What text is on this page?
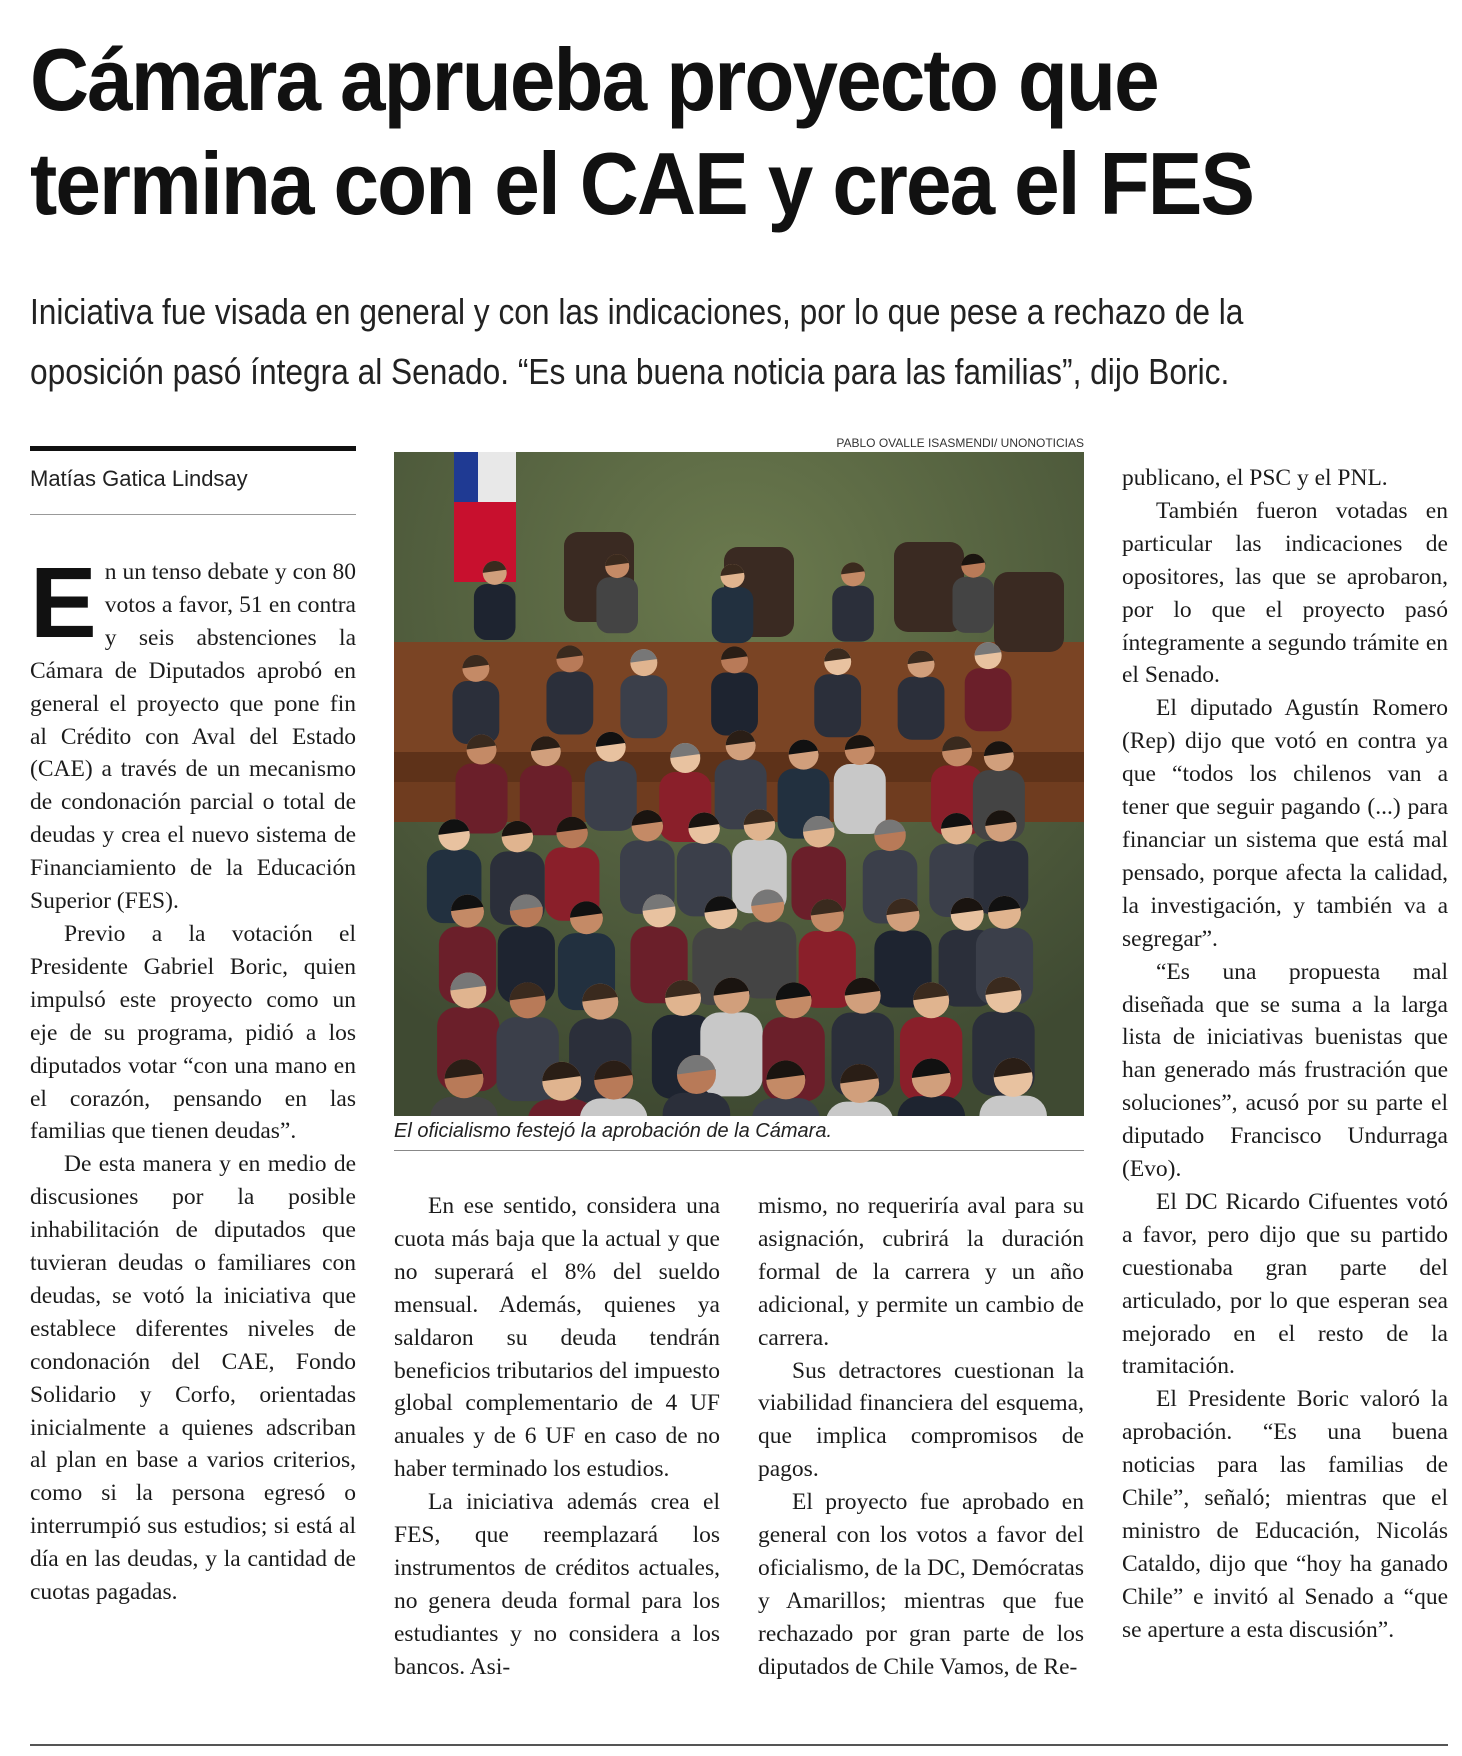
Cámara aprueba proyecto que
termina con el CAE y crea el FES

Iniciativa fue visada en general y con las indicaciones, por lo que pese a rechazo de la
oposición pasó íntegra al Senado. “Es una buena noticia para las familias”, dijo Boric.

Matías Gatica Lindsay

En un tenso debate y con 80 votos a favor, 51 en contra y seis abstenciones la Cámara de Diputados aprobó en general el proyecto que pone fin al Crédito con Aval del Estado (CAE) a través de un mecanismo de condonación parcial o total de deudas y crea el nuevo sistema de Financiamiento de la Educación Superior (FES).

Previo a la votación el Presidente Gabriel Boric, quien impulsó este proyecto como un eje de su programa, pidió a los diputados votar “con una mano en el corazón, pensando en las familias que tienen deudas”.

De esta manera y en medio de discusiones por la posible inhabilitación de diputados que tuvieran deudas o familiares con deudas, se votó la iniciativa que establece diferentes niveles de condonación del CAE, Fondo Solidario y Corfo, orientadas inicialmente a quienes adscriban al plan en base a varios criterios, como si la persona egresó o interrumpió sus estudios; si está al día en las deudas, y la cantidad de cuotas pagadas.

PABLO OVALLE ISASMENDI/ UNONOTICIAS
El oficialismo festejó la aprobación de la Cámara.

En ese sentido, considera una cuota más baja que la actual y que no superará el 8% del sueldo mensual. Además, quienes ya saldaron su deuda tendrán beneficios tributarios del impuesto global complementario de 4 UF anuales y de 6 UF en caso de no haber terminado los estudios.

La iniciativa además crea el FES, que reemplazará los instrumentos de créditos actuales, no genera deuda formal para los estudiantes y no considera a los bancos. Asi-

mismo, no requeriría aval para su asignación, cubrirá la duración formal de la carrera y un año adicional, y permite un cambio de carrera.

Sus detractores cuestionan la viabilidad financiera del esquema, que implica compromisos de pagos.

El proyecto fue aprobado en general con los votos a favor del oficialismo, de la DC, Demócratas y Amarillos; mientras que fue rechazado por gran parte de los diputados de Chile Vamos, de Re-

publicano, el PSC y el PNL.

También fueron votadas en particular las indicaciones de opositores, las que se aprobaron, por lo que el proyecto pasó íntegramente a segundo trámite en el Senado.

El diputado Agustín Romero (Rep) dijo que votó en contra ya que “todos los chilenos van a tener que seguir pagando (...) para financiar un sistema que está mal pensado, porque afecta la calidad, la investigación, y también va a segregar”.

“Es una propuesta mal diseñada que se suma a la larga lista de iniciativas buenistas que han generado más frustración que soluciones”, acusó por su parte el diputado Francisco Undurraga (Evo).

El DC Ricardo Cifuentes votó a favor, pero dijo que su partido cuestionaba gran parte del articulado, por lo que esperan sea mejorado en el resto de la tramitación.

El Presidente Boric valoró la aprobación. “Es una buena noticias para las familias de Chile”, señaló; mientras que el ministro de Educación, Nicolás Cataldo, dijo que “hoy ha ganado Chile” e invitó al Senado a “que se aperture a esta discusión”.
